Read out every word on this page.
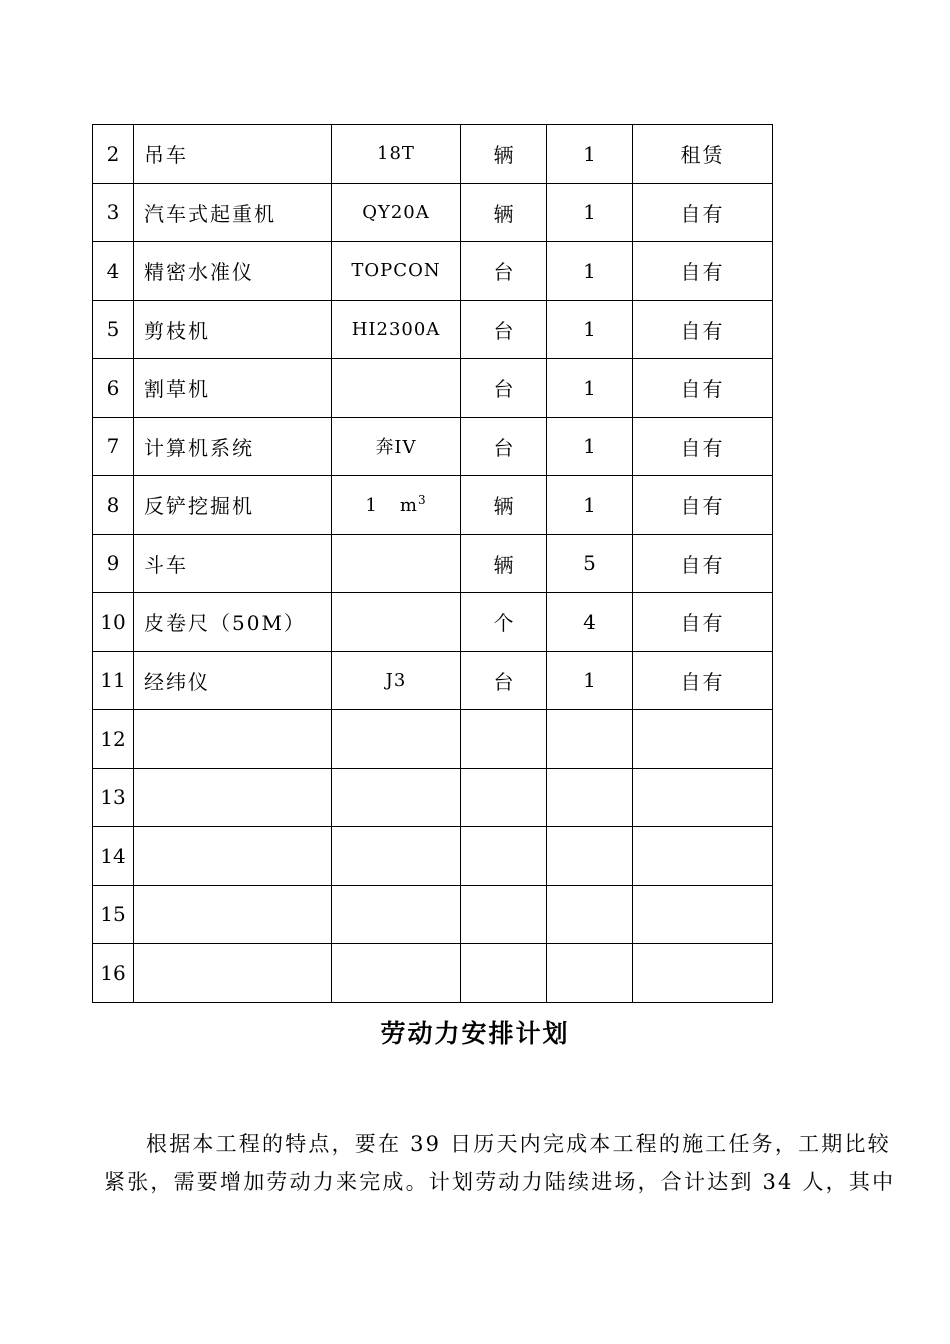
2	吊车	18T	辆	1	租赁
3	汽车式起重机	QY20A	辆	1	自有
4	精密水准仪	TOPCON	台	1	自有
5	剪枝机	HI2300A	台	1	自有
6	割草机		台	1	自有
7	计算机系统	奔IV	台	1	自有
8	反铲挖掘机	1 $m^3$	辆	1	自有
9	斗车		辆	5	自有
10	皮卷尺（50M）		个	4	自有
11	经纬仪	J3	台	1	自有
12					
13					
14					
15					
16					
劳动力安排计划
根据本工程的特点，要在 39 日历天内完成本工程的施工任务，工期比较
紧张，需要增加劳动力来完成。计划劳动力陆续进场，合计达到 34 人，其中
